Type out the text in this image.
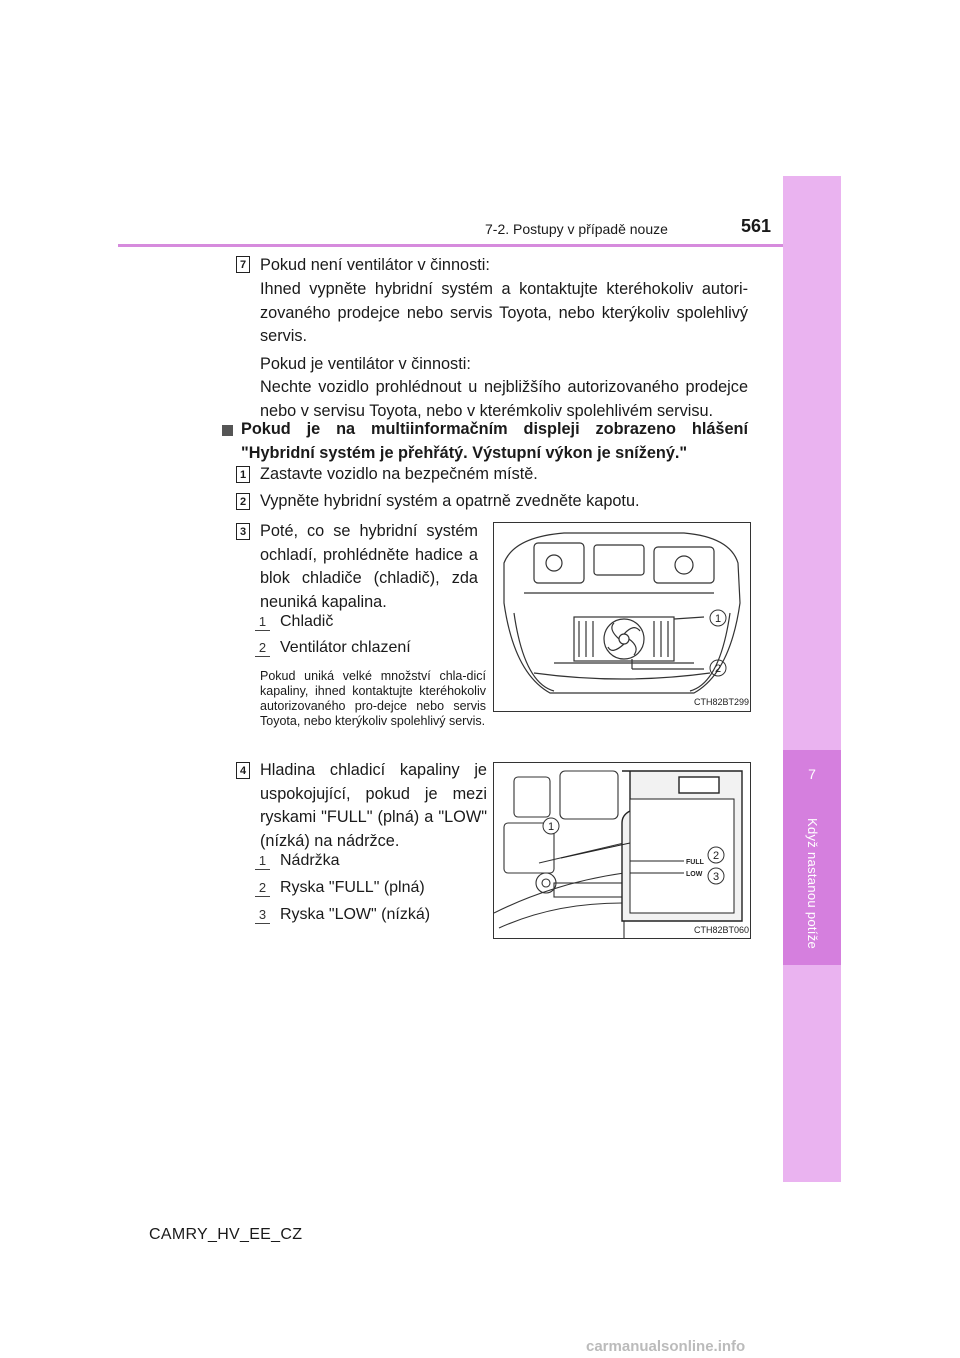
7
Když nastanou potíže
7-2. Postupy v případě nouze	561
7 Pokud není ventilátor v činnosti:
Ihned vypněte hybridní systém a kontaktujte kteréhokoliv autori-zovaného prodejce nebo servis Toyota, nebo kterýkoliv spolehlivý servis.
Pokud je ventilátor v činnosti:
Nechte vozidlo prohlédnout u nejbližšího autorizovaného prodejce nebo v servisu Toyota, nebo v kterémkoliv spolehlivém servisu.
Pokud je na multiinformačním displeji zobrazeno hlášení "Hybridní systém je přehřátý. Výstupní výkon je snížený."
1 Zastavte vozidlo na bezpečném místě.
2 Vypněte hybridní systém a opatrně zvedněte kapotu.
3 Poté, co se hybridní systém ochladí, prohlédněte hadice a blok chladiče (chladič), zda neuniká kapalina.
1 Chladič
2 Ventilátor chlazení
Pokud uniká velké množství chla-dicí kapaliny, ihned kontaktujte kteréhokoliv autorizovaného pro-dejce nebo servis Toyota, nebo kterýkoliv spolehlivý servis.
1
2
CTH82BT299
4 Hladina chladicí kapaliny je uspokojující, pokud je mezi ryskami "FULL" (plná) a "LOW" (nízká) na nádržce.
1 Nádržka
2 Ryska "FULL" (plná)
3 Ryska "LOW" (nízká)
FULL
LOW
1
2
3
CTH82BT060
CAMRY_HV_EE_CZ
carmanualsonline.info
